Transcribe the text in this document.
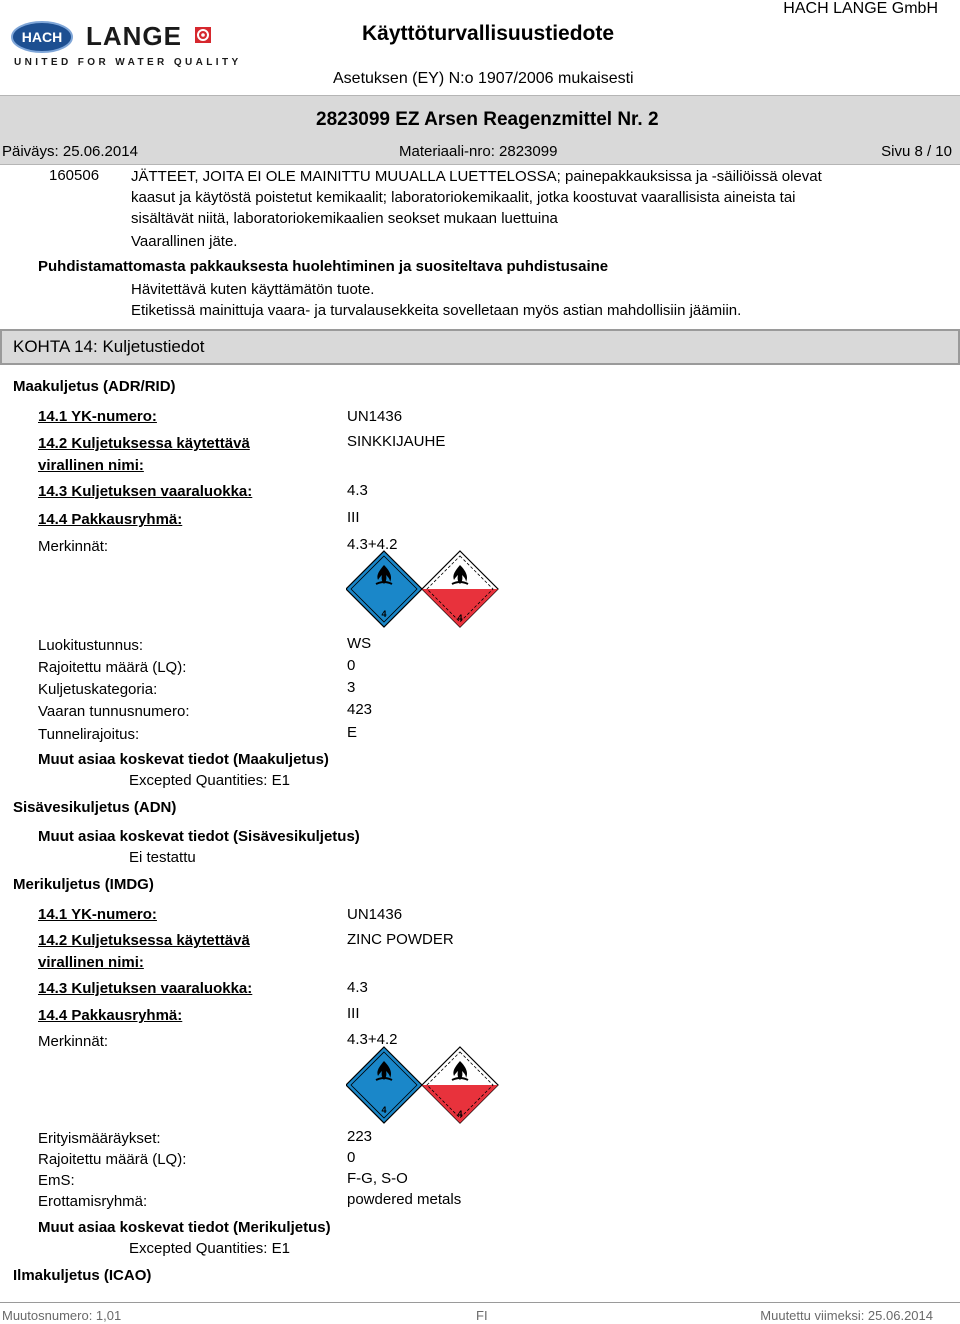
HACH LANGE
UNITED FOR WATER QUALITY
Käyttöturvallisuustiedote
HACH LANGE GmbH
Asetuksen (EY) N:o 1907/2006 mukaisesti
2823099 EZ Arsen Reagenzmittel Nr. 2
Päiväys: 25.06.2014	Materiaali-nro: 2823099	Sivu 8 / 10
160506 JÄTTEET, JOITA EI OLE MAINITTU MUUALLA LUETTELOSSA; painepakkauksissa ja -säiliöissä olevat
kaasut ja käytöstä poistetut kemikaalit; laboratoriokemikaalit, jotka koostuvat vaarallisista aineista tai
sisältävät niitä, laboratoriokemikaalien seokset mukaan luettuina
Vaarallinen jäte.
Puhdistamattomasta pakkauksesta huolehtiminen ja suositeltava puhdistusaine
Hävitettävä kuten käyttämätön tuote.
Etiketissä mainittuja vaara- ja turvalausekkeita sovelletaan myös astian mahdollisiin jäämiin.
KOHTA 14: Kuljetustiedot
Maakuljetus (ADR/RID)
14.1 YK-numero:	UN1436
14.2 Kuljetuksessa käytettävä
virallinen nimi:
SINKKIJAUHE
14.3 Kuljetuksen vaaraluokka:	4.3
14.4 Pakkausryhmä:	III
Merkinnät:	4.3+4.2
4	4
Luokitustunnus:	WS
Rajoitettu määrä (LQ):	0
Kuljetuskategoria:	3
Vaaran tunnusnumero:	423
Tunnelirajoitus:	E
Muut asiaa koskevat tiedot (Maakuljetus)
Excepted Quantities: E1
Sisävesikuljetus (ADN)
Muut asiaa koskevat tiedot (Sisävesikuljetus)
Ei testattu
Merikuljetus (IMDG)
14.1 YK-numero:	UN1436
14.2 Kuljetuksessa käytettävä
virallinen nimi:
ZINC POWDER
14.3 Kuljetuksen vaaraluokka:	4.3
14.4 Pakkausryhmä:	III
Merkinnät:	4.3+4.2
4	4
Erityismääräykset:	223
Rajoitettu määrä (LQ):	0
EmS:	F-G, S-O
Erottamisryhmä:	powdered metals
Muut asiaa koskevat tiedot (Merikuljetus)
Excepted Quantities: E1
Ilmakuljetus (ICAO)
Muutosnumero: 1,01	FI	Muutettu viimeksi: 25.06.2014
